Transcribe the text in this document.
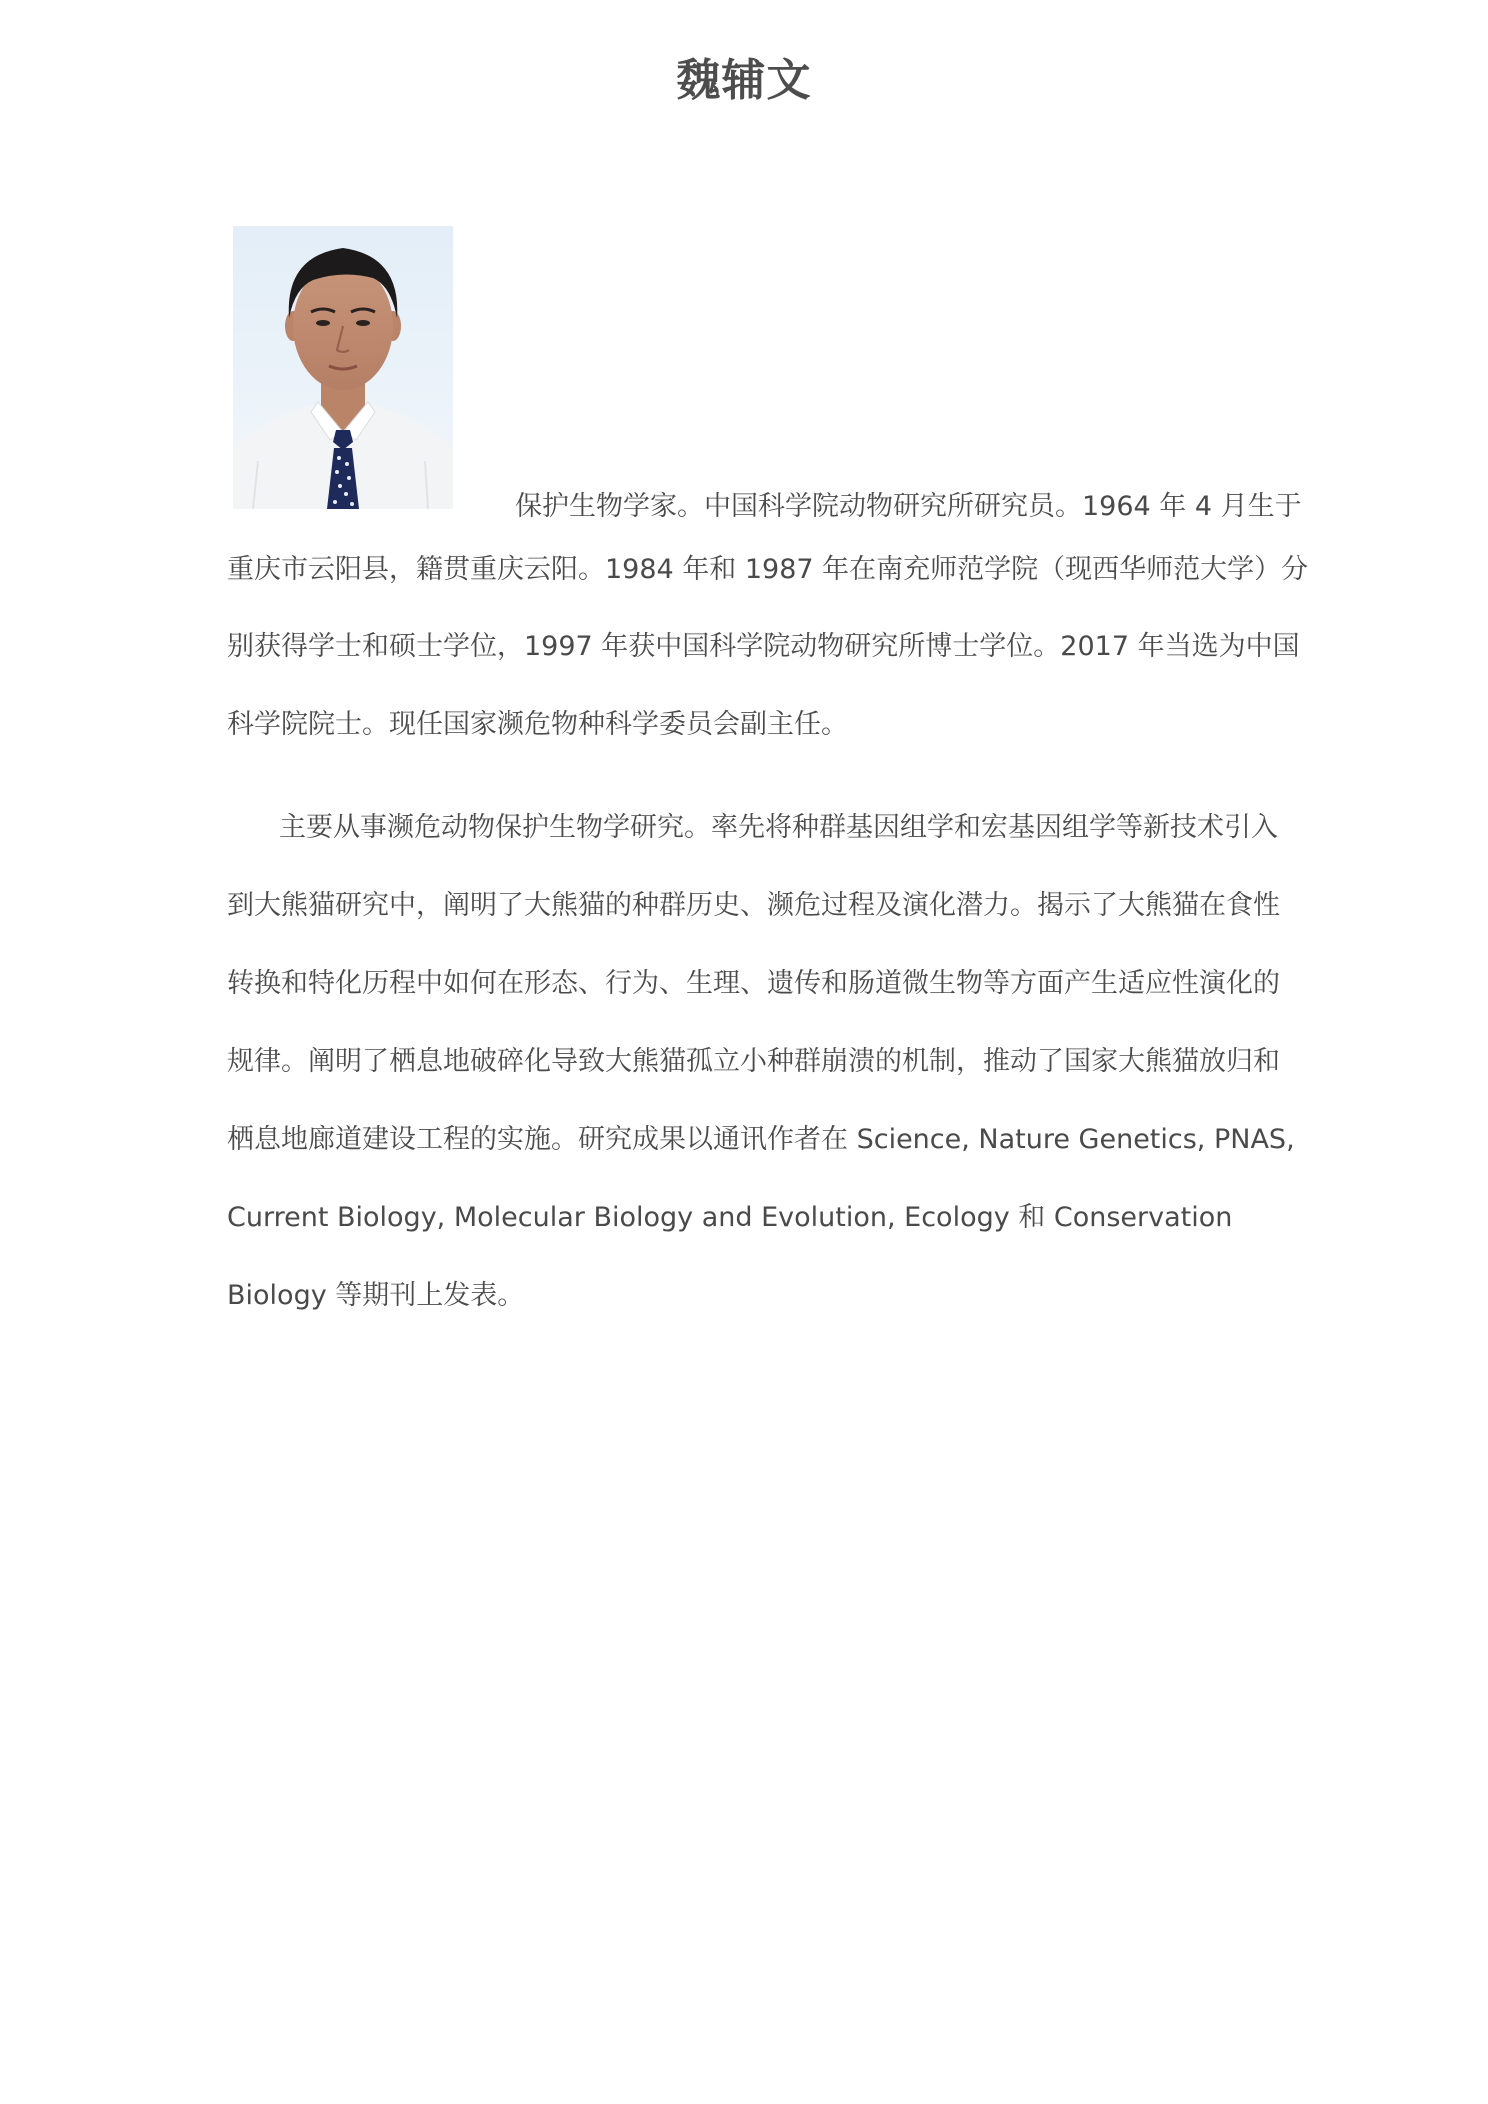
魏辅文
保护生物学家。中国科学院动物研究所研究员。1964 年 4 月生于
重庆市云阳县，籍贯重庆云阳。1984 年和 1987 年在南充师范学院（现西华师范大学）分
别获得学士和硕士学位，1997 年获中国科学院动物研究所博士学位。2017 年当选为中国
科学院院士。现任国家濒危物种科学委员会副主任。
主要从事濒危动物保护生物学研究。率先将种群基因组学和宏基因组学等新技术引入
到大熊猫研究中，阐明了大熊猫的种群历史、濒危过程及演化潜力。揭示了大熊猫在食性
转换和特化历程中如何在形态、行为、生理、遗传和肠道微生物等方面产生适应性演化的
规律。阐明了栖息地破碎化导致大熊猫孤立小种群崩溃的机制，推动了国家大熊猫放归和
栖息地廊道建设工程的实施。研究成果以通讯作者在 Science, Nature Genetics, PNAS,
Current Biology, Molecular Biology and Evolution, Ecology 和 Conservation
Biology 等期刊上发表。
